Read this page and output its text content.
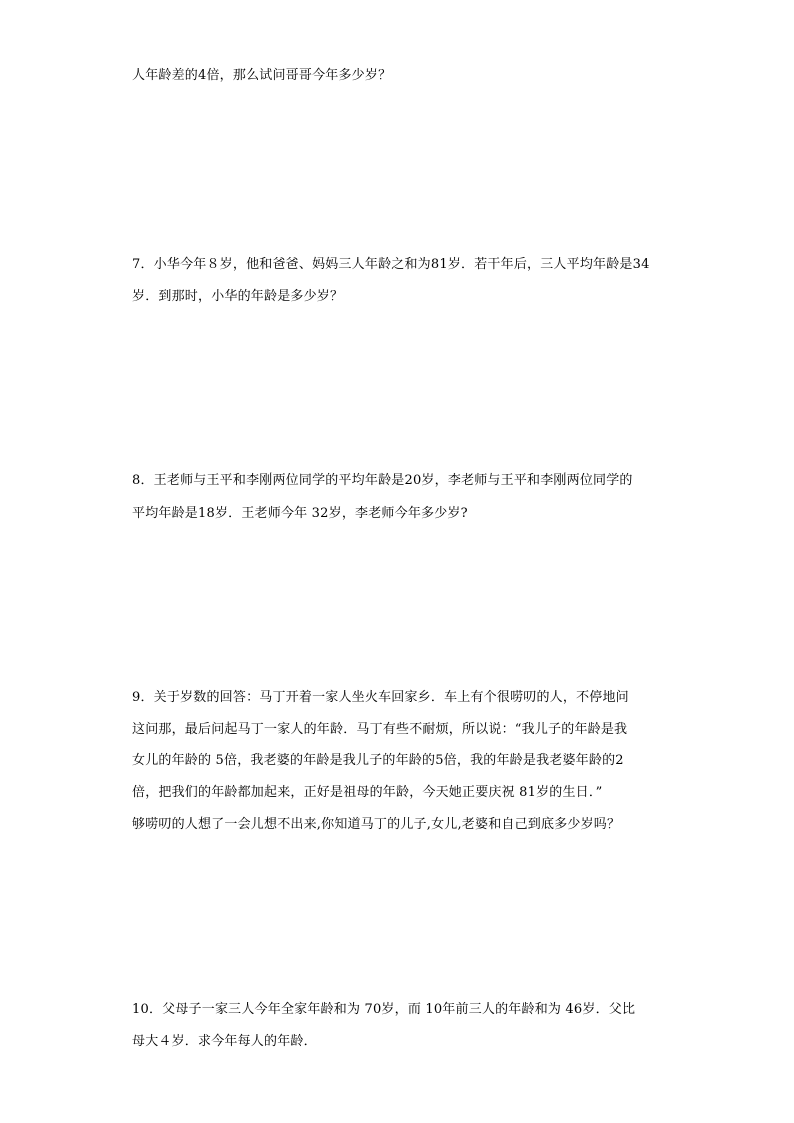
人年龄差的4倍，那么试问哥哥今年多少岁？
7．小华今年８岁，他和爸爸、妈妈三人年龄之和为81岁．若干年后，三人平均年龄是34
岁．到那时，小华的年龄是多少岁？
8．王老师与王平和李刚两位同学的平均年龄是20岁，李老师与王平和李刚两位同学的
平均年龄是18岁．王老师今年 32岁，李老师今年多少岁?
9．关于岁数的回答：马丁开着一家人坐火车回家乡．车上有个很唠叨的人，不停地问
这问那，最后问起马丁一家人的年龄．马丁有些不耐烦，所以说：“我儿子的年龄是我
女儿的年龄的 5倍，我老婆的年龄是我儿子的年龄的5倍，我的年龄是我老婆年龄的2
倍，把我们的年龄都加起来，正好是祖母的年龄，今天她正要庆祝 81岁的生日．”
够唠叨的人想了一会儿想不出来,你知道马丁的儿子,女儿,老婆和自己到底多少岁吗？
10．父母子一家三人今年全家年龄和为 70岁，而 10年前三人的年龄和为 46岁．父比
母大４岁．求今年每人的年龄．
